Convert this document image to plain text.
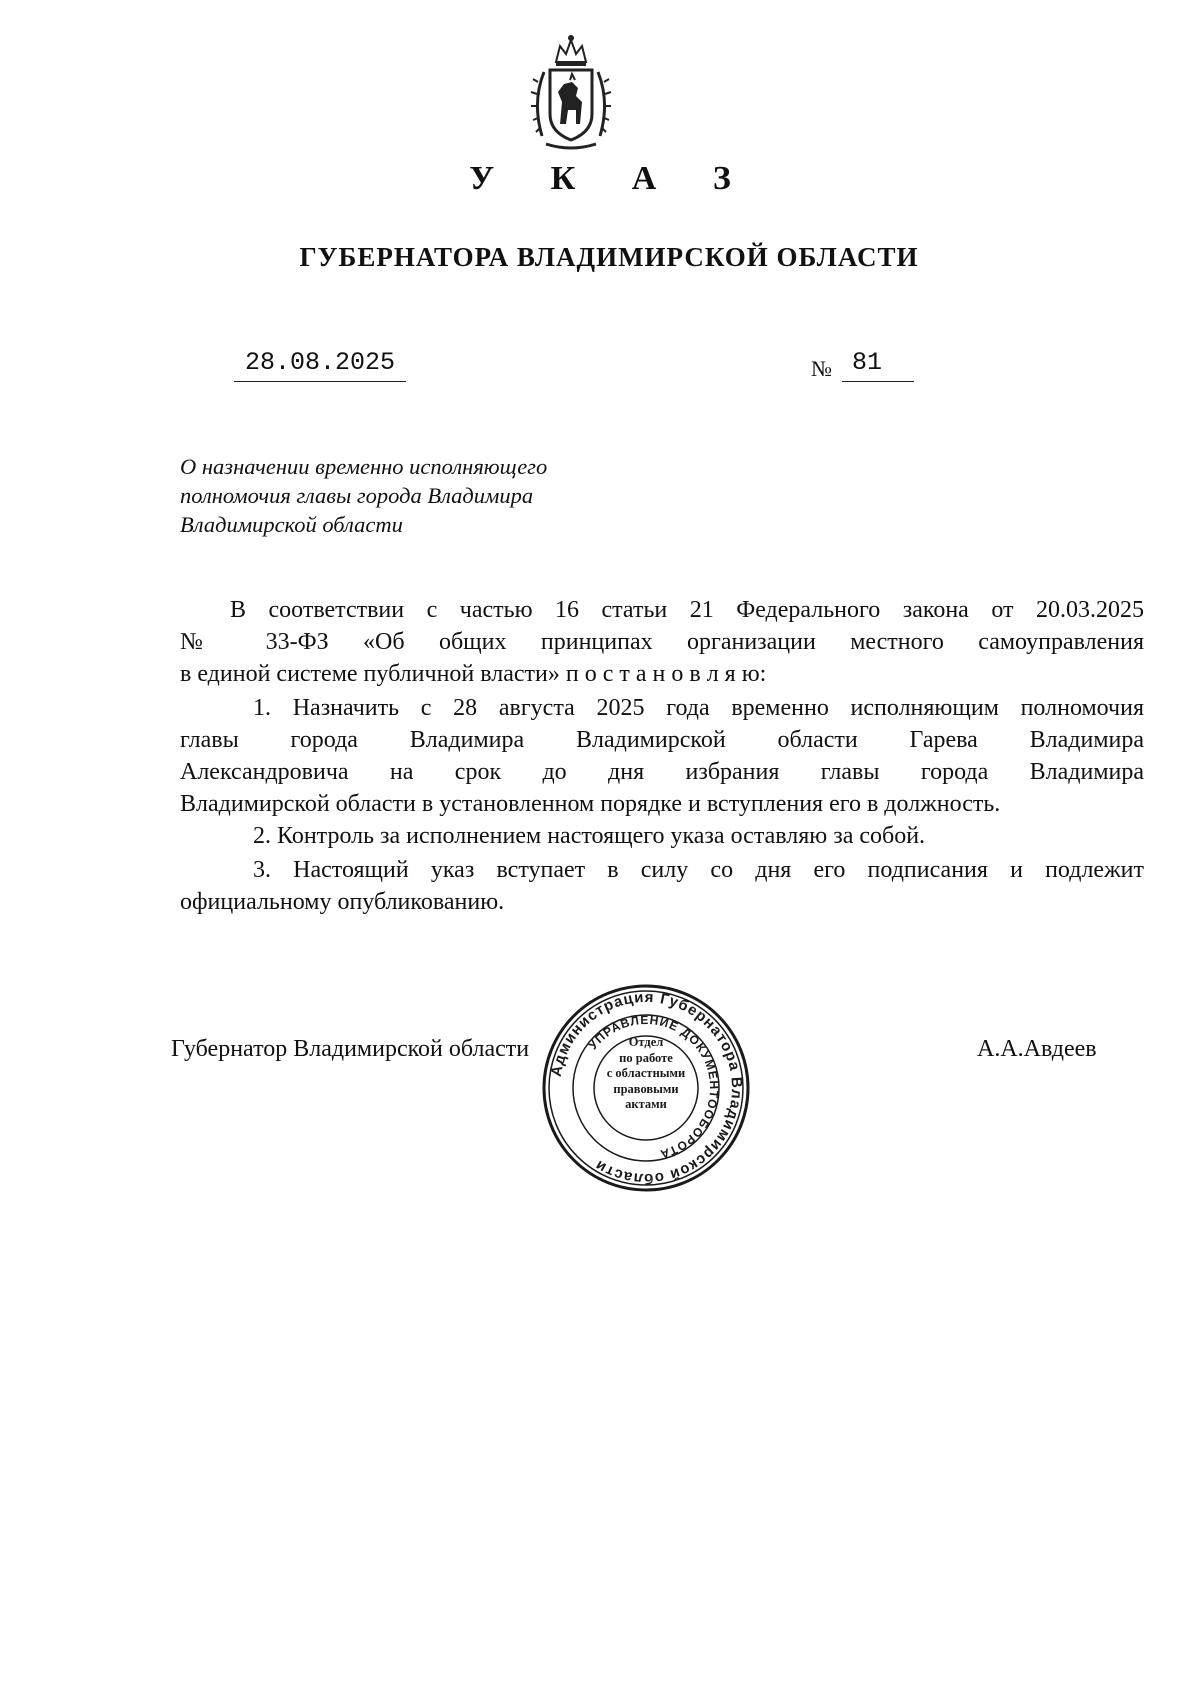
У К А З
ГУБЕРНАТОРА ВЛАДИМИРСКОЙ ОБЛАСТИ
28.08.2025	№ 81
О назначении временно исполняющего
полномочия главы города Владимира
Владимирской области
В соответствии с частью 16 статьи 21 Федерального закона от 20.03.2025
№ 33-ФЗ «Об общих принципах организации местного самоуправления
в единой системе публичной власти» п о с т а н о в л я ю:
1. Назначить с 28 августа 2025 года временно исполняющим полномочия
главы города Владимира Владимирской области Гарева Владимира
Александровича на срок до дня избрания главы города Владимира
Владимирской области в установленном порядке и вступления его в должность.
2. Контроль за исполнением настоящего указа оставляю за собой.
3. Настоящий указ вступает в силу со дня его подписания и подлежит
официальному опубликованию.
Губернатор Владимирской области	А.А.Авдеев
Администрация Губернатора Владимирской области
УПРАВЛЕНИЕ ДОКУМЕНТООБОРОТА
Отдел
по работе
с областными
правовыми
актами
